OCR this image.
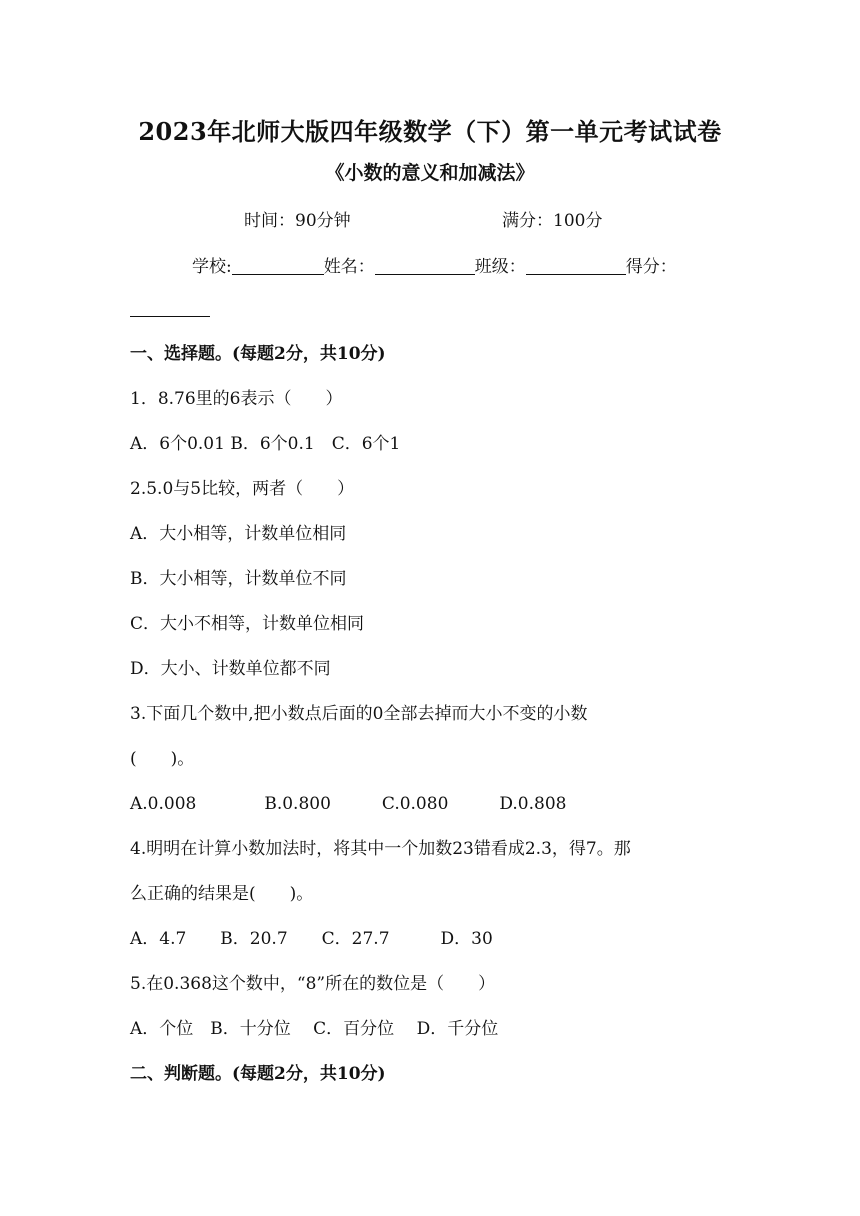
2023年北师大版四年级数学（下）第一单元考试试卷
《小数的意义和加减法》
时间：90分钟	满分：100分
学校:	姓名：	班级：	得分：
一、选择题。(每题2分，共10分)
1．8.76里的6表示（　　）
A．6个0.01 B．6个0.1　C．6个1
2.5.0与5比较，两者（　　）
A．大小相等，计数单位相同
B．大小相等，计数单位不同
C．大小不相等，计数单位相同
D．大小、计数单位都不同
3.下面几个数中,把小数点后面的0全部去掉而大小不变的小数
(　　)。
A.0.008　　　　B.0.800　　　C.0.080　　　D.0.808
4.明明在计算小数加法时，将其中一个加数23错看成2.3，得7。那
么正确的结果是(　　)。
A．4.7　　B．20.7　　C．27.7　　　D．30
5.在0.368这个数中，“8”所在的数位是（　　）
A．个位　B．十分位　 C．百分位　 D．千分位
二、判断题。(每题2分，共10分)
